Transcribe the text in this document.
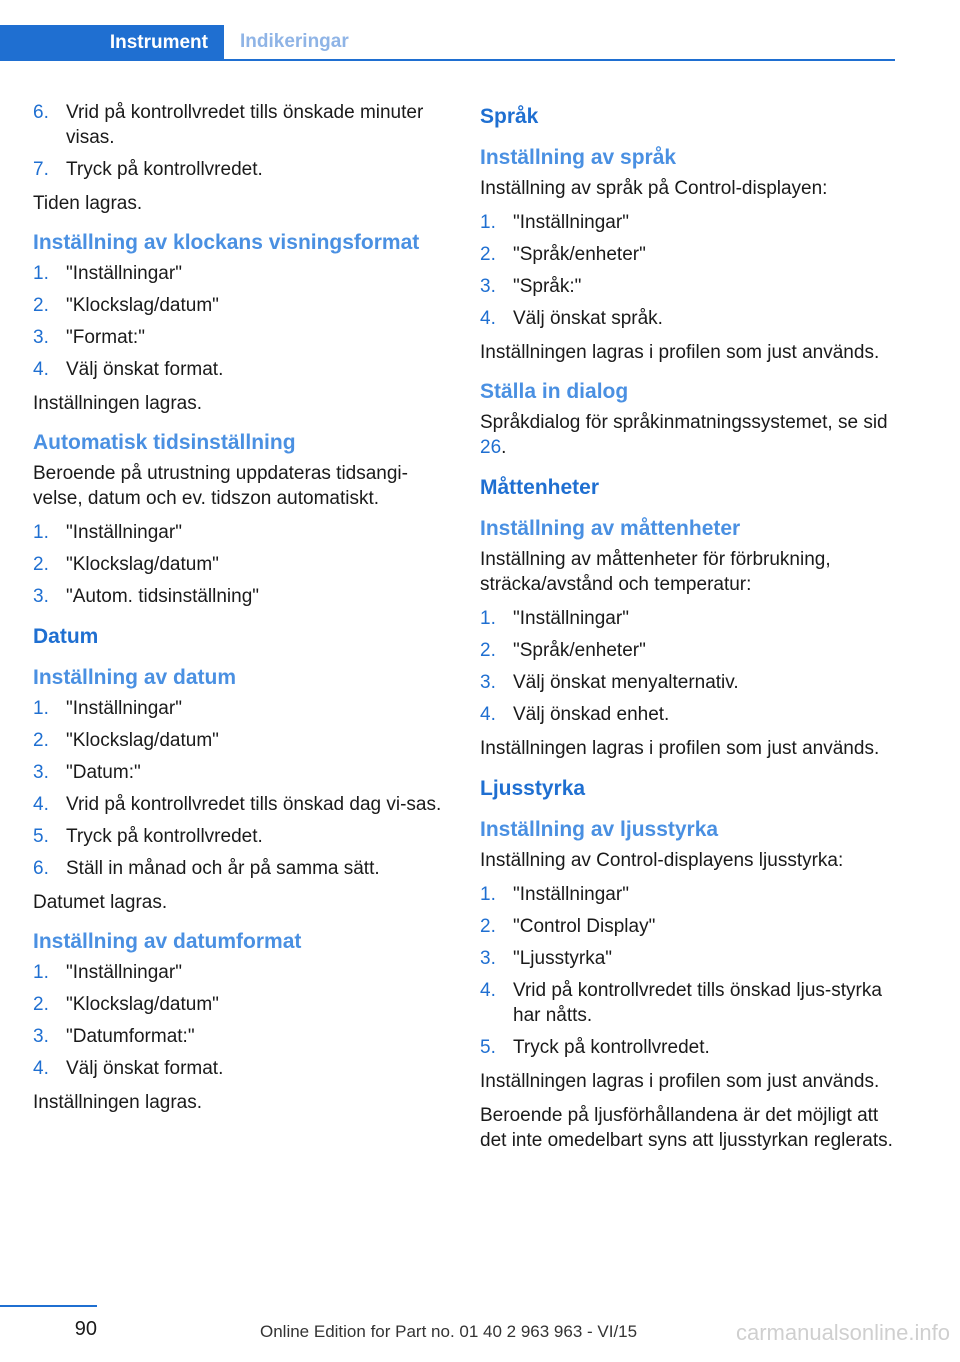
Instrument	Indikeringar
6. Vrid på kontrollvredet tills önskade minuter visas.
7. Tryck på kontrollvredet.

Tiden lagras.

Inställning av klockans visningsformat
1. "Inställningar"
2. "Klockslag/datum"
3. "Format:"
4. Välj önskat format.

Inställningen lagras.

Automatisk tidsinställning

Beroende på utrustning uppdateras tidsangi-velse, datum och ev. tidszon automatiskt.

1. "Inställningar"
2. "Klockslag/datum"
3. "Autom. tidsinställning"
Datum
Inställning av datum
1. "Inställningar"
2. "Klockslag/datum"
3. "Datum:"
4. Vrid på kontrollvredet tills önskad dag vi-sas.
5. Tryck på kontrollvredet.
6. Ställ in månad och år på samma sätt.

Datumet lagras.

Inställning av datumformat
1. "Inställningar"
2. "Klockslag/datum"
3. "Datumformat:"
4. Välj önskat format.

Inställningen lagras.

Språk
Inställning av språk

Inställning av språk på Control-displayen:

1. "Inställningar"
2. "Språk/enheter"
3. "Språk:"
4. Välj önskat språk.

Inställningen lagras i profilen som just används.

Ställa in dialog

Språkdialog för språkinmatningssystemet, se sid 26.

Måttenheter
Inställning av måttenheter

Inställning av måttenheter för förbrukning, sträcka/avstånd och temperatur:

1. "Inställningar"
2. "Språk/enheter"
3. Välj önskat menyalternativ.
4. Välj önskad enhet.

Inställningen lagras i profilen som just används.

Ljusstyrka
Inställning av ljusstyrka

Inställning av Control-displayens ljusstyrka:

1. "Inställningar"
2. "Control Display"
3. "Ljusstyrka"
4. Vrid på kontrollvredet tills önskad ljus-styrka har nåtts.
5. Tryck på kontrollvredet.

Inställningen lagras i profilen som just används.

Beroende på ljusförhållandena är det möjligt att det inte omedelbart syns att ljusstyrkan reglerats.

90	Online Edition for Part no. 01 40 2 963 963 - VI/15	carmanualsonline.info
